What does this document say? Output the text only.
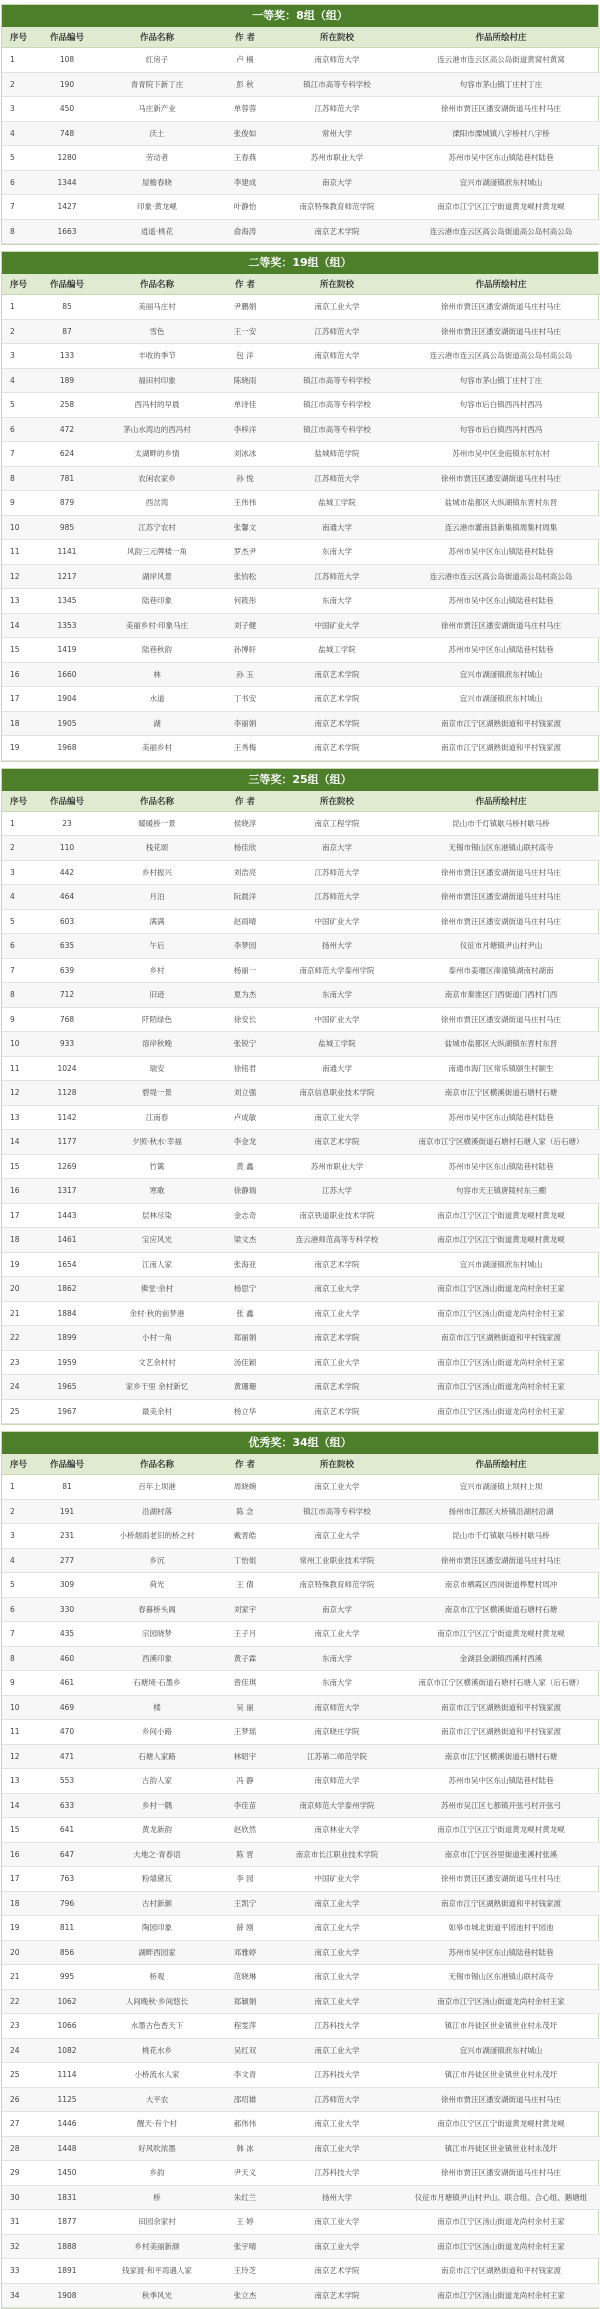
一等奖：8组（组）
序号	作品编号	作品名称	作 者	所在院校	作品所绘村庄
1	108	红房子	卢 楠	南京师范大学	连云港市连云区高公岛街道黄窝村黄窝
2	190	青青院下新丁庄	彭 秋	镇江市高等专科学校	句容市茅山镇丁庄村丁庄
3	450	马庄新产业	单蓉蓉	江苏师范大学	徐州市贾汪区潘安湖街道马庄村马庄
4	748	沃土	张俊如	常州大学	溧阳市溧城镇八字桥村八字桥
5	1280	劳动者	王春燕	苏州市职业大学	苏州市吴中区东山镇陆巷村陆巷
6	1344	屋檐春晓	李建成	南京大学	宜兴市湖滏镇洑东村城山
7	1427	印象·黄龙岘	叶静怡	南京特殊教育师范学院	南京市江宁区江宁街道黄龙岘村黄龙岘
8	1663	逍遥·桃花	俞海涛	南京艺术学院	连云港市连云区高公岛街道高公岛村高公岛
二等奖：19组（组）
序号	作品编号	作品名称	作 者	所在院校	作品所绘村庄
1	85	美丽马庄村	尹鹏娟	南京工业大学	徐州市贾汪区潘安湖街道马庄村马庄
2	87	雪色	王一安	江苏师范大学	徐州市贾汪区潘安湖街道马庄村马庄
3	133	丰收的季节	包 洋	南京师范大学	连云港市连云区高公岛街道高公岛村高公岛
4	189	福田村印象	陈晓雨	镇江市高等专科学校	句容市茅山镇丁庄村丁庄
5	258	西冯村的早晨	单诗佳	镇江市高等专科学校	句容市后白镇西冯村西冯
6	472	茅山水湾边的西冯村	李梓洋	镇江市高等专科学校	句容市后白镇西冯村西冯
7	624	太湖畔的乡情	刘冰冰	盐城师范学院	苏州市吴中区金庭镇东村东村
8	781	农闲农家乡	孙 悦	江苏师范大学	徐州市贾汪区潘安湖街道马庄村马庄
9	879	西岔湾	王伟伟	盐城工学院	盐城市盐都区大纵湖镇东晋村东晋
10	985	江苏宁农村	张馨文	南通大学	连云港市灌南县新集镇周集村周集
11	1141	风韵三元牌楼一角	罗杰尹	东南大学	苏州市吴中区东山镇陆巷村陆巷
12	1217	湖岸风景	张钧松	江苏师范大学	连云港市连云区高公岛街道高公岛村高公岛
13	1345	陆巷印象	何筱彤	东南大学	苏州市吴中区东山镇陆巷村陆巷
14	1353	美丽乡村·印象马庄	刘子健	中国矿业大学	徐州市贾汪区潘安湖街道马庄村马庄
15	1419	陆巷秋韵	孙博轩	盐城工学院	苏州市吴中区东山镇陆巷村陆巷
16	1660	林	孙 玉	南京艺术学院	宜兴市湖滏镇洑东村城山
17	1904	水道	丁书安	南京艺术学院	宜兴市湖滏镇洑东村城山
18	1905	湖	李丽娟	南京艺术学院	南京市江宁区湖熟街道和平村钱家渡
19	1968	美丽乡村	王秀梅	南京艺术学院	南京市江宁区湖熟街道和平村钱家渡
三等奖：25组（组）
序号	作品编号	作品名称	作 者	所在院校	作品所绘村庄
1	23	暖暖桥一景	侯晓淳	南京工程学院	昆山市千灯镇歇马桥村歇马桥
2	110	栈花颂	杨佳欣	南京大学	无锡市锡山区东港镇山联村高寺
3	442	乡村振兴	刘浩亮	江苏师范大学	徐州市贾汪区潘安湖街道马庄村马庄
4	464	月泊	阮晨洋	江苏师范大学	徐州市贾汪区潘安湖街道马庄村马庄
5	603	满满	赵雨晴	中国矿业大学	徐州市贾汪区潘安湖街道马庄村马庄
6	635	午后	李梦园	扬州大学	仪征市月塘镇尹山村尹山
7	639	乡村	杨丽一	南京师范大学泰州学院	泰州市姜堰区溱潼镇湖南村湖南
8	712	旧迹	夏为杰	东南大学	南京市秦淮区门西街道门西村门西
9	768	阡陌绿色	徐安长	中国矿业大学	徐州市贾汪区潘安湖街道马庄村马庄
10	933	溶岸秋晚	张锐宁	盐城工学院	盐城市盐都区大纵湖镇东晋村东晋
11	1024	瑞安	徐铭君	南通大学	南通市海门区常乐镇颐生村颐生
12	1128	碧堤一景	刘立强	南京信息职业技术学院	南京市江宁区横溪街道石塘村石塘
13	1142	江南春	卢成敏	南京工业大学	苏州市吴中区东山镇陆巷村陆巷
14	1177	夕照·秋水·幸福	李金龙	南京艺术学院	南京市江宁区横溪街道石塘村石塘人家（后石塘）
15	1269	竹篱	黄 鑫	苏州市职业大学	苏州市吴中区东山镇陆巷村陆巷
16	1317	寒歌	徐静瑞	江苏大学	句容市天王镇唐陵村东三棚
17	1443	层林尽染	金志奇	南京铁道职业技术学院	南京市江宁区江宁街道黄龙岘村黄龙岘
18	1461	宝应风光	梁文杰	连云港师范高等专科学校	南京市江宁区江宁街道黄龙岘村黄龙岘
19	1654	江南人家	张海亚	南京艺术学院	宜兴市湖滏镇洑东村城山
20	1862	佛堂·余村	杨思宁	南京工业大学	南京市江宁区汤山街道龙尚村余村王家
21	1884	余村·秋的前梦港	张 鑫	南京工业大学	南京市江宁区汤山街道龙尚村余村王家
22	1899	小村一角	郑丽娟	南京艺术学院	南京市江宁区湖熟街道和平村钱家渡
23	1959	文艺余村村	汤佳颖	南京工业大学	南京市江宁区汤山街道龙尚村余村王家
24	1965	家乡干里 余村新忆	黄珊珊	南京艺术学院	南京市江宁区汤山街道龙尚村余村王家
25	1967	最美余村	杨立华	南京艺术学院	南京市江宁区汤山街道龙尚村余村王家
优秀奖：34组（组）
序号	作品编号	作品名称	作 者	所在院校	作品所绘村庄
1	81	百年上坝港	周晓婉	南京工业大学	宜兴市湖滏镇上坝村上坝
2	191	沿湖村落	陈 念	镇江市高等专科学校	扬州市江都区大桥镇沿湖村沿湖
3	231	小桥烟雨老旧的桥之村	戴晋皓	南京工业大学	昆山市千灯镇歇马桥村歇马桥
4	277	乡沉	丁怡姐	常州工业职业技术学院	徐州市贾汪区潘安湖街道马庄村马庄
5	309	荷光	王 倩	南京特殊教育师范学院	南京市栖霞区西岗街道桦墅村周冲
6	330	春暮桥头阁	刘家宇	南京大学	南京市江宁区横溪街道石塘村石塘
7	435	宗园晓梦	王子月	南京工业大学	南京市江宁区江宁街道黄龙岘村黄龙岘
8	460	西溪印象	黄子霖	东南大学	金湖县金湖镇西溪村西溪
9	461	石塘境·石墨乡	曾佳琪	东南大学	南京市江宁区横溪街道石塘村石塘人家（后石塘）
10	469	楼	吴 丽	南京师范大学	南京市江宁区湖熟街道和平村钱家渡
11	470	乡间小路	王梦瑶	南京晓庄学院	南京市江宁区湖熟街道和平村钱家渡
12	471	石塘人家路	林昭宇	江苏第二师范学院	南京市江宁区横溪街道石塘村石塘
13	553	古韵人家	冯 静	南京师范大学	苏州市吴中区东山镇陆巷村陆巷
14	633	乡村一隅	李佳苗	南京师范大学泰州学院	苏州市吴江区七都镇开弦弓村开弦弓
15	641	黄龙新韵	赵欣然	南京林业大学	南京市江宁区江宁街道黄龙岘村黄龙岘
16	647	大地之·青春语	陈 晋	南京市长江职业技术学院	南京市江宁区谷里街道张溪村张溪
17	763	粉墙黛瓦	李 园	中国矿业大学	徐州市贾汪区潘安湖街道马庄村马庄
18	796	古村新颜	王凯宁	南京工业大学	南京市江宁区湖熟街道和平村钱家渡
19	811	陶园印象	薛 刚	南京工业大学	如皋市城北街道平园池村平园池
20	856	湖畔西园家	邓雅婷	南京工业大学	苏州市吴中区东山镇陆巷村陆巷
21	995	桥观	范晓琳	南京工业大学	无锡市锡山区东港镇山联村高寺
22	1062	人间晚秋·乡间悠长	郑颖娟	南京工业大学	南京市江宁区汤山街道龙尚村余村王家
23	1066	水墨古色香天下	程雯萍	江苏科技大学	镇江市丹徒区世业镇世业村永茂圩
24	1082	桃花水乡	吴红双	南京工业大学	宜兴市湖滏镇洑东村城山
25	1114	小桥流水人家	李文青	江苏科技大学	镇江市丹徒区世业镇世业村永茂圩
26	1125	大平农	邵绍雄	江苏师范大学	徐州市贾汪区潘安湖街道马庄村马庄
27	1446	醒天·有个村	郝伟伟	南京工业大学	南京市江宁区江宁街道黄龙岘村黄龙岘
28	1448	好风吹浓墨	韩 冰	南京工业大学	镇江市丹徒区世业镇世业村永茂圩
29	1450	乡韵	尹天义	江苏科技大学	徐州市贾汪区潘安湖街道马庄村马庄
30	1831	桥	朱红兰	扬州大学	仪征市月塘镇尹山村尹山、联合组、合心组、鹅塘组
31	1877	田园余家村	王 婷	南京工业大学	南京市江宁区汤山街道龙尚村余村王家
32	1888	乡村美丽新颜	张宇晴	南京工业大学	南京市江宁区汤山街道龙尚村余村王家
33	1891	钱家渡·和平湾遇人家	王玲芝	南京艺术学院	南京市江宁区湖熟街道和平村钱家渡
34	1908	秋季风光	张立杰	南京艺术学院	南京市江宁区汤山街道龙尚村余村王家
